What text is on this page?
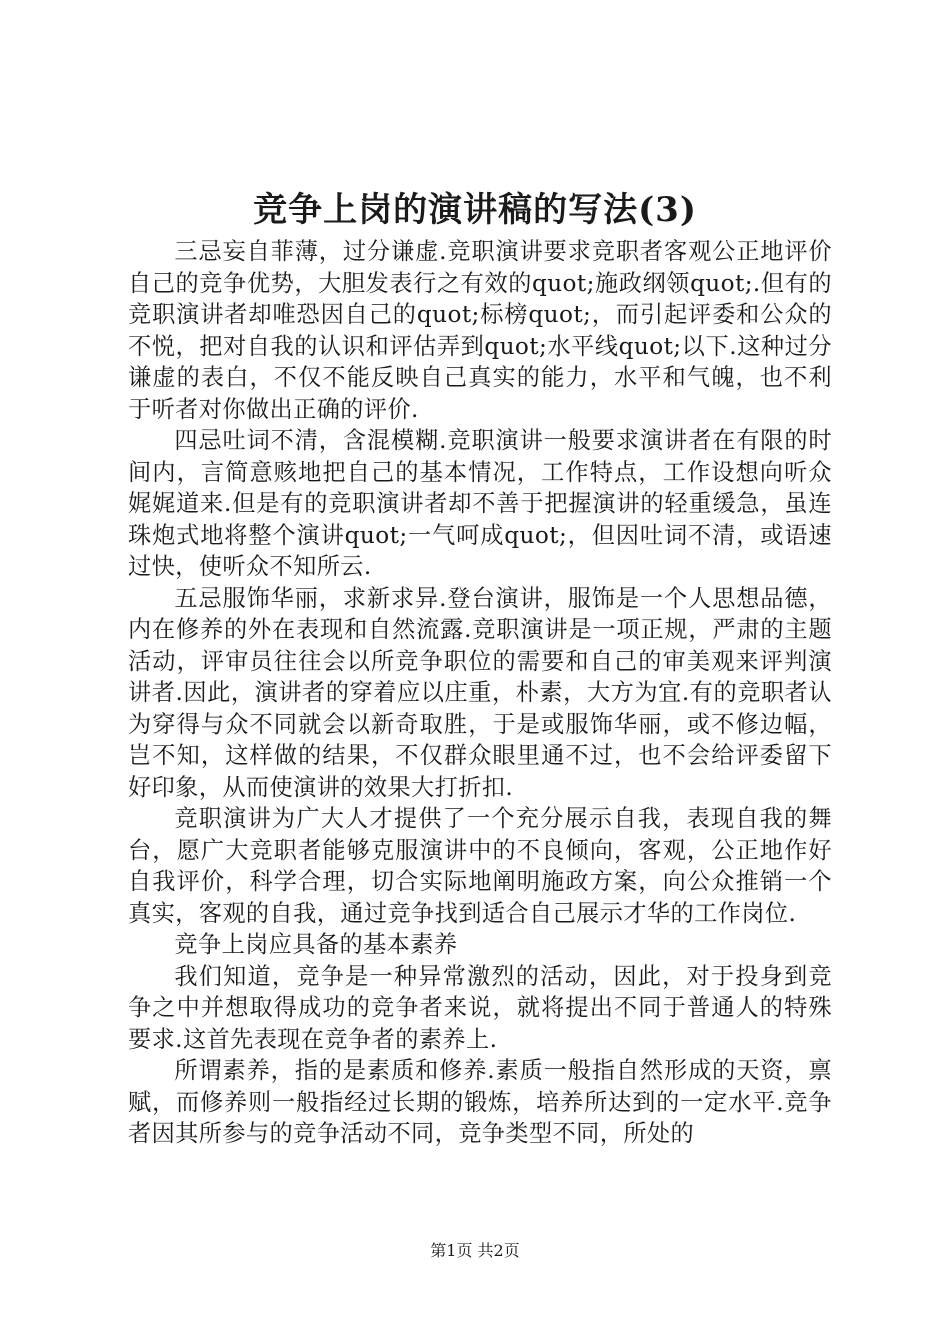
竞争上岗的演讲稿的写法(3)

三忌妄自菲薄，过分谦虚.竞职演讲要求竞职者客观公正地评价自己的竞争优势，大胆发表行之有效的quot;施政纲领quot;.但有的竞职演讲者却唯恐因自己的quot;标榜quot;，而引起评委和公众的不悦，把对自我的认识和评估弄到quot;水平线quot;以下.这种过分谦虚的表白，不仅不能反映自己真实的能力，水平和气魄，也不利于听者对你做出正确的评价.

四忌吐词不清，含混模糊.竞职演讲一般要求演讲者在有限的时间内，言简意赅地把自己的基本情况，工作特点，工作设想向听众娓娓道来.但是有的竞职演讲者却不善于把握演讲的轻重缓急，虽连珠炮式地将整个演讲quot;一气呵成quot;，但因吐词不清，或语速过快，使听众不知所云.

五忌服饰华丽，求新求异.登台演讲，服饰是一个人思想品德，内在修养的外在表现和自然流露.竞职演讲是一项正规，严肃的主题活动，评审员往往会以所竞争职位的需要和自己的审美观来评判演讲者.因此，演讲者的穿着应以庄重，朴素，大方为宜.有的竞职者认为穿得与众不同就会以新奇取胜，于是或服饰华丽，或不修边幅，岂不知，这样做的结果，不仅群众眼里通不过，也不会给评委留下好印象，从而使演讲的效果大打折扣.

竞职演讲为广大人才提供了一个充分展示自我，表现自我的舞台，愿广大竞职者能够克服演讲中的不良倾向，客观，公正地作好自我评价，科学合理，切合实际地阐明施政方案，向公众推销一个真实，客观的自我，通过竞争找到适合自己展示才华的工作岗位.

竞争上岗应具备的基本素养

我们知道，竞争是一种异常激烈的活动，因此，对于投身到竞争之中并想取得成功的竞争者来说，就将提出不同于普通人的特殊要求.这首先表现在竞争者的素养上.

所谓素养，指的是素质和修养.素质一般指自然形成的天资，禀赋，而修养则一般指经过长期的锻炼，培养所达到的一定水平.竞争者因其所参与的竞争活动不同，竞争类型不同，所处的

第1页 共2页
